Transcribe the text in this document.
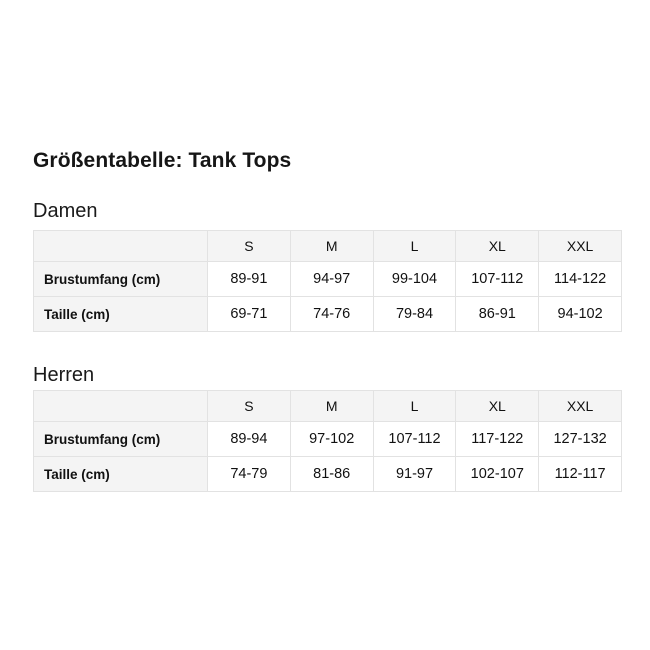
Größentabelle: Tank Tops
Damen
	S	M	L	XL	XXL
Brustumfang (cm)	89-91	94-97	99-104	107-112	114-122
Taille (cm)	69-71	74-76	79-84	86-91	94-102
Herren
	S	M	L	XL	XXL
Brustumfang (cm)	89-94	97-102	107-112	117-122	127-132
Taille (cm)	74-79	81-86	91-97	102-107	112-117
